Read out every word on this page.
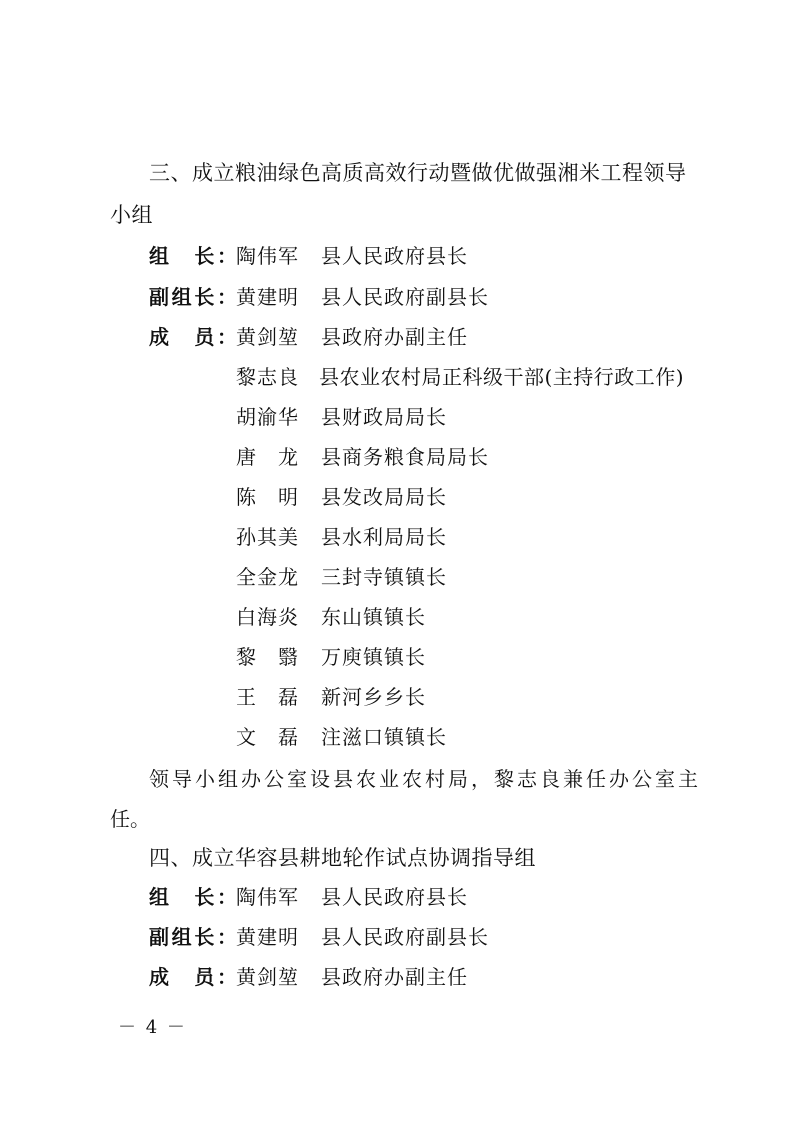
三、成立粮油绿色高质高效行动暨做优做强湘米工程领导
小组
组　长： 陶伟军 县人民政府县长
副组长： 黄建明 县人民政府副县长
成　员： 黄剑堃 县政府办副主任
黎志良 县农业农村局正科级干部(主持行政工作)
胡渝华 县财政局局长
唐　龙 县商务粮食局局长
陈　明 县发改局局长
孙其美 县水利局局长
全金龙 三封寺镇镇长
白海炎 东山镇镇长
黎　翳 万庾镇镇长
王　磊 新河乡乡长
文　磊 注滋口镇镇长
领导小组办公室设县农业农村局，黎志良兼任办公室主
任。
四、成立华容县耕地轮作试点协调指导组
组　长： 陶伟军 县人民政府县长
副组长： 黄建明 县人民政府副县长
成　员： 黄剑堃 县政府办副主任
－ 4 －
